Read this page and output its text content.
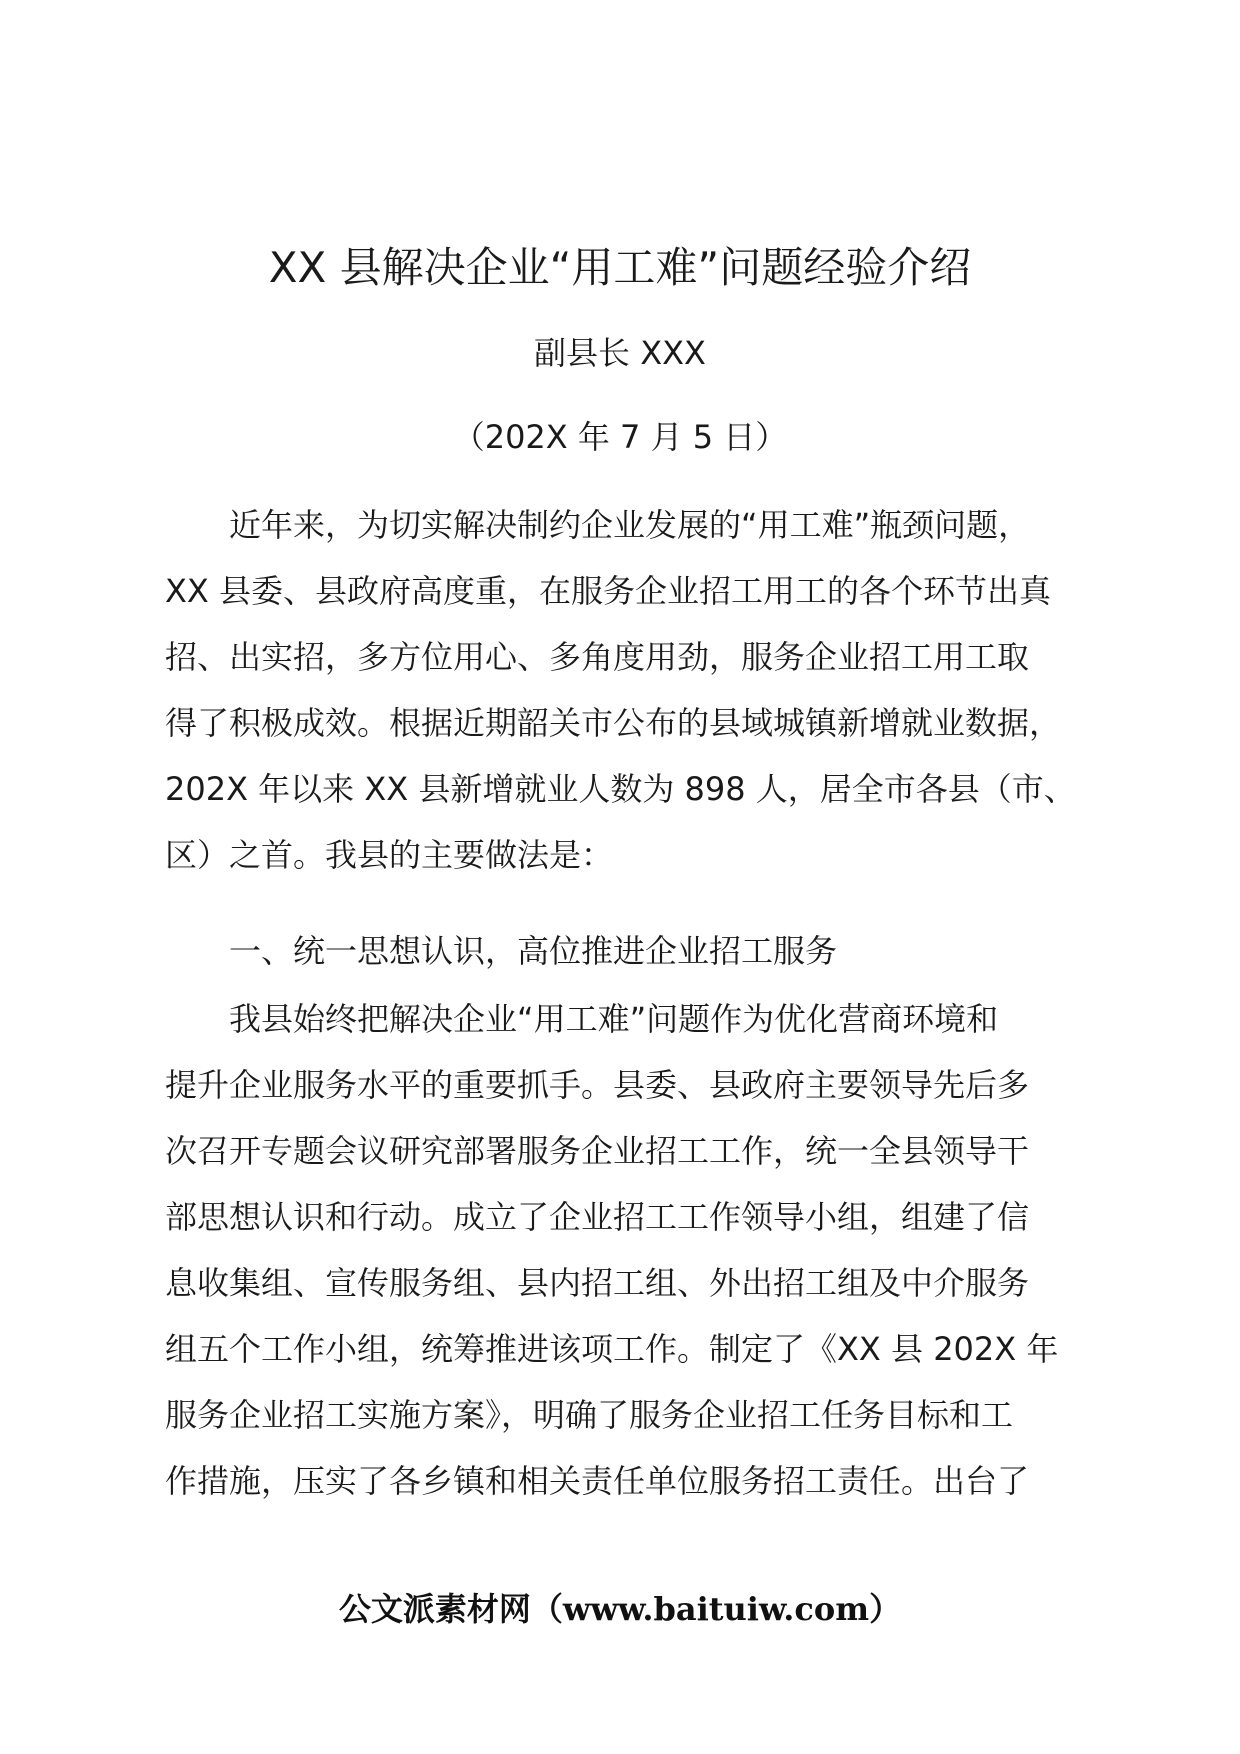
XX 县解决企业“用工难”问题经验介绍
副县长 XXX
（202X 年 7 月 5 日）
　　近年来，为切实解决制约企业发展的“用工难”瓶颈问题，
XX 县委、县政府高度重，在服务企业招工用工的各个环节出真
招、出实招，多方位用心、多角度用劲，服务企业招工用工取
得了积极成效。根据近期韶关市公布的县域城镇新增就业数据，
202X 年以来 XX 县新增就业人数为 898 人，居全市各县（市、
区）之首。我县的主要做法是：
　　一、统一思想认识，高位推进企业招工服务
　　我县始终把解决企业“用工难”问题作为优化营商环境和
提升企业服务水平的重要抓手。县委、县政府主要领导先后多
次召开专题会议研究部署服务企业招工工作，统一全县领导干
部思想认识和行动。成立了企业招工工作领导小组，组建了信
息收集组、宣传服务组、县内招工组、外出招工组及中介服务
组五个工作小组，统筹推进该项工作。制定了《XX 县 202X 年
服务企业招工实施方案》，明确了服务企业招工任务目标和工
作措施，压实了各乡镇和相关责任单位服务招工责任。出台了
公文派素材网（www.baituiw.com）
